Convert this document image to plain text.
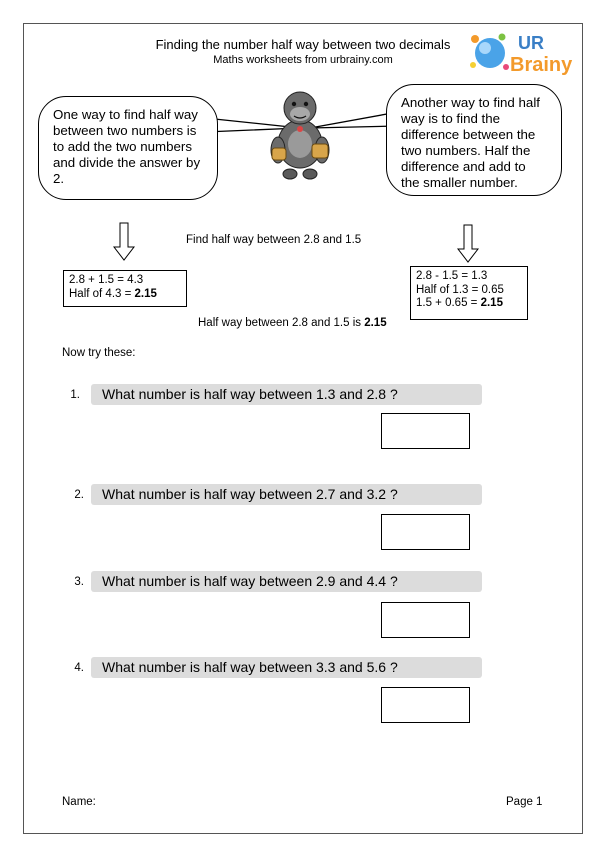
Finding the number half way between two decimals
Maths worksheets from urbrainy.com
UR
Brainy
One way to find half way between two numbers is to add the two numbers and divide the answer by 2.
Another way to find half way is to find the difference between the two numbers. Half the difference and add to the smaller number.
Find half way between 2.8 and 1.5
2.8 + 1.5 = 4.3
Half of 4.3 = 2.15
2.8 - 1.5 = 1.3
Half of 1.3 = 0.65
1.5 + 0.65 = 2.15
Half way between 2.8 and 1.5 is 2.15
Now try these:
1.	What number is half way between 1.3 and 2.8 ?
2.	What number is half way between 2.7 and 3.2 ?
3.	What number is half way between 2.9 and 4.4 ?
4.	What number is half way between 3.3 and 5.6 ?
Name:	Page 1
